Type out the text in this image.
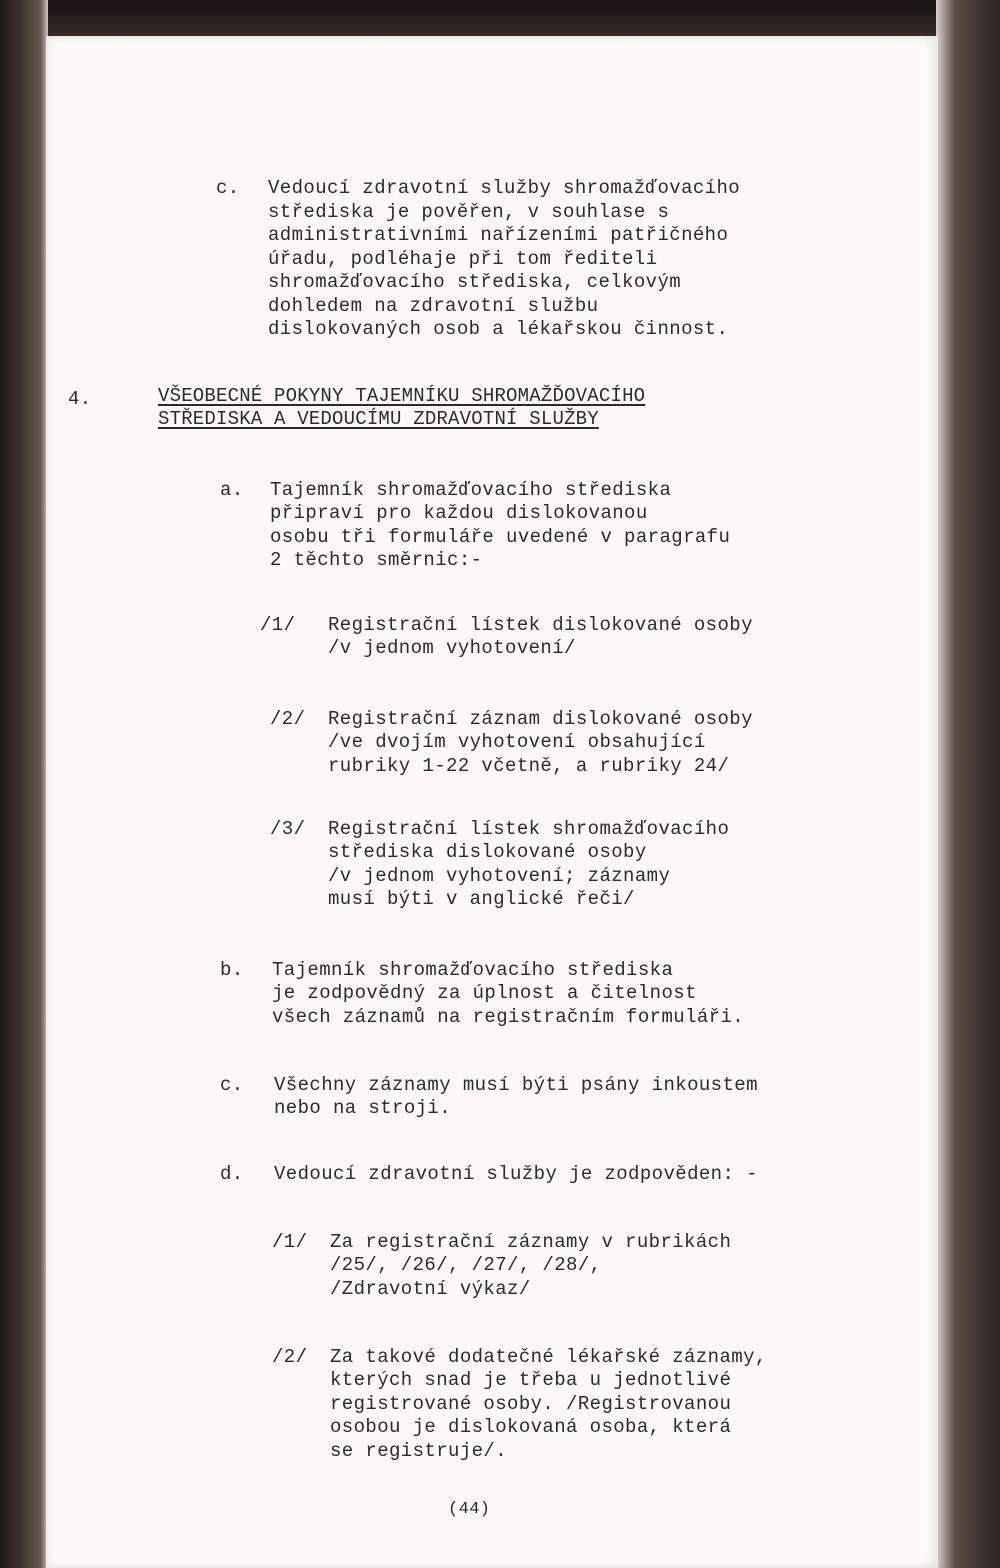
c. Vedoucí zdravotní služby shromažďovacího
střediska je pověřen, v souhlase s
administrativními nařízeními patřičného
úřadu, podléhaje při tom řediteli
shromažďovacího střediska, celkovým
dohledem na zdravotní službu
dislokovaných osob a lékařskou činnost.
4.	VŠEOBECNÉ POKYNY TAJEMNÍKU SHROMAŽĎOVACÍHO
STŘEDISKA A VEDOUCÍMU ZDRAVOTNÍ SLUŽBY
a. Tajemník shromažďovacího střediska
připraví pro každou dislokovanou
osobu tři formuláře uvedené v paragrafu
2 těchto směrnic:-
/1/ Registrační lístek dislokované osoby
/v jednom vyhotovení/
/2/ Registrační záznam dislokované osoby
/ve dvojím vyhotovení obsahující
rubriky 1-22 včetně, a rubriky 24/
/3/ Registrační lístek shromažďovacího
střediska dislokované osoby
/v jednom vyhotovení; záznamy
musí býti v anglické řeči/
b. Tajemník shromažďovacího střediska
je zodpovědný za úplnost a čitelnost
všech záznamů na registračním formuláři.
c. Všechny záznamy musí býti psány inkoustem
nebo na stroji.
d. Vedoucí zdravotní služby je zodpověden: -
/1/ Za registrační záznamy v rubrikách
/25/, /26/, /27/, /28/,
/Zdravotní výkaz/
/2/ Za takové dodatečné lékařské záznamy,
kterých snad je třeba u jednotlivé
registrované osoby. /Registrovanou
osobou je dislokovaná osoba, která
se registruje/.
(44)
